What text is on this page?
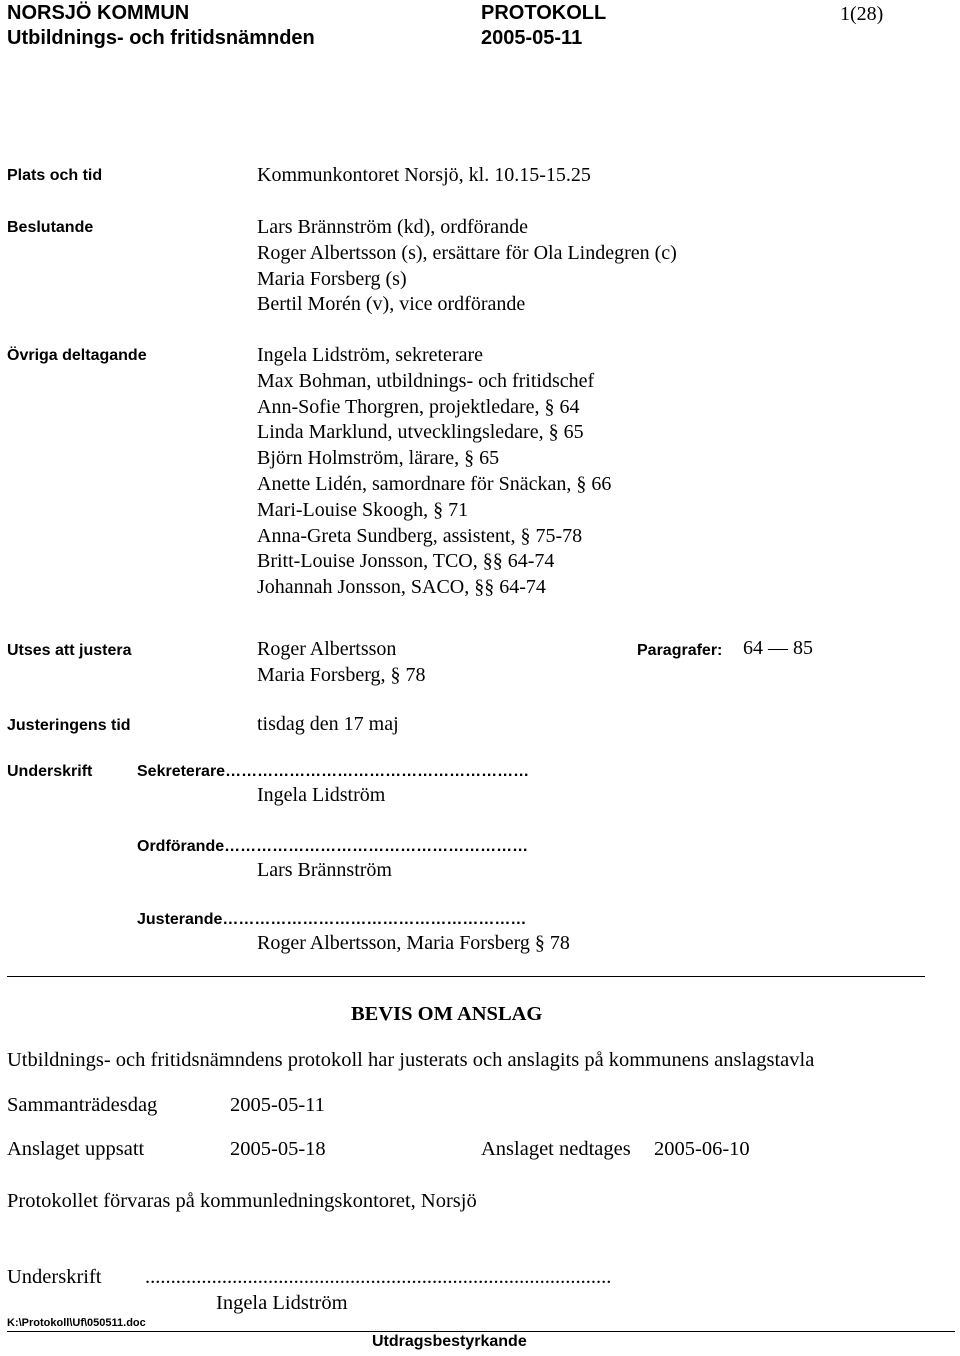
NORSJÖ KOMMUN	PROTOKOLL	1(28)
Utbildnings- och fritidsnämnden	2005-05-11
Plats och tid	Kommunkontoret Norsjö, kl. 10.15-15.25
Beslutande	Lars Brännström (kd), ordförande
Roger Albertsson (s), ersättare för Ola Lindegren (c)
Maria Forsberg (s)
Bertil Morén (v), vice ordförande
Övriga deltagande	Ingela Lidström, sekreterare
Max Bohman, utbildnings- och fritidschef
Ann-Sofie Thorgren, projektledare, § 64
Linda Marklund, utvecklingsledare, § 65
Björn Holmström, lärare, § 65
Anette Lidén, samordnare för Snäckan, § 66
Mari-Louise Skoogh, § 71
Anna-Greta Sundberg, assistent, § 75-78
Britt-Louise Jonsson, TCO, §§ 64-74
Johannah Jonsson, SACO, §§ 64-74
Utses att justera	Roger Albertsson
Maria Forsberg, § 78
Paragrafer: 64 — 85
Justeringens tid	tisdag den 17 maj
Underskrift	Sekreterare…………………………………………………
Ingela Lidström
Ordförande…………………………………………………
Lars Brännström
Justerande…………………………………………………
Roger Albertsson, Maria Forsberg § 78
BEVIS OM ANSLAG
Utbildnings- och fritidsnämndens protokoll har justerats och anslagits på kommunens anslagstavla
Sammanträdesdag	2005-05-11
Anslaget uppsatt	2005-05-18	Anslaget nedtages 2005-06-10
Protokollet förvaras på kommunledningskontoret, Norsjö
Underskrift ...........................................................................................
Ingela Lidström
K:\Protokoll\Uf\050511.doc
Utdragsbestyrkande
